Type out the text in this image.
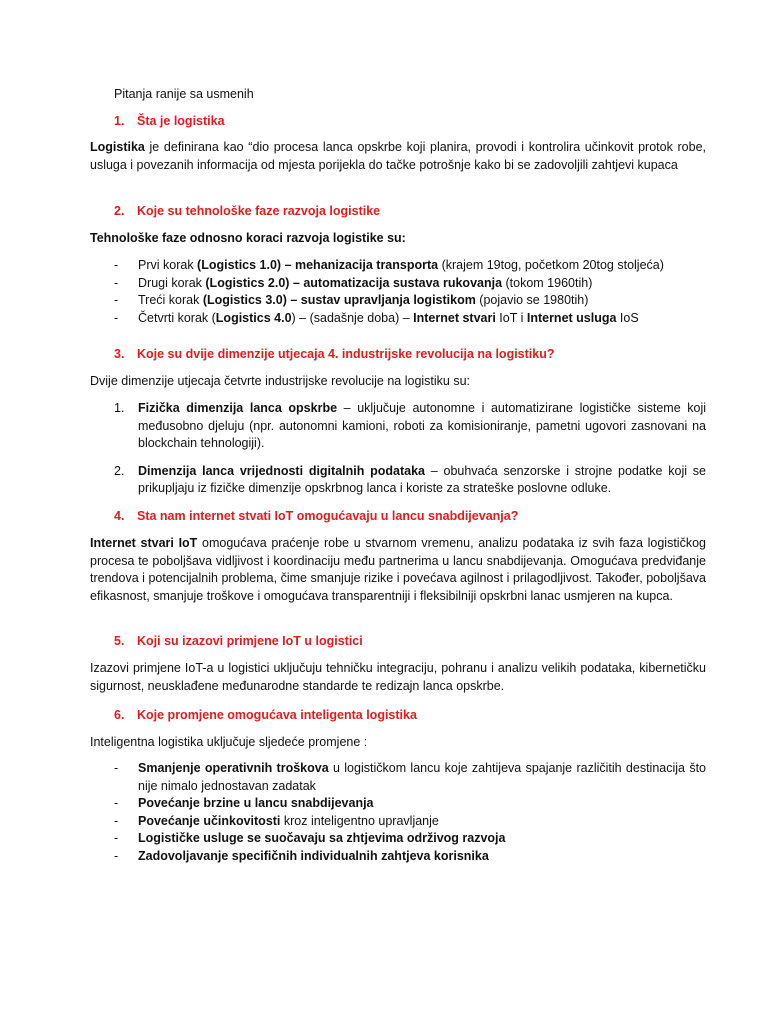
Pitanja ranije sa usmenih

1. Šta je logistika

Logistika je definirana kao “dio procesa lanca opskrbe koji planira, provodi i kontrolira učinkovit protok robe, usluga i povezanih informacija od mjesta porijekla do tačke potrošnje kako bi se zadovoljili zahtjevi kupaca

2. Koje su tehnološke faze razvoja logistike

Tehnološke faze odnosno koraci razvoja logistike su:

- Prvi korak (Logistics 1.0) – mehanizacija transporta (krajem 19tog, početkom 20tog stoljeća)
- Drugi korak (Logistics 2.0) – automatizacija sustava rukovanja (tokom 1960tih)
- Treći korak (Logistics 3.0) – sustav upravljanja logistikom (pojavio se 1980tih)
- Četvrti korak (Logistics 4.0) – (sadašnje doba) – Internet stvari IoT i Internet usluga IoS

3. Koje su dvije dimenzije utjecaja 4. industrijske revolucija na logistiku?

Dvije dimenzije utjecaja četvrte industrijske revolucije na logistiku su:

1. Fizička dimenzija lanca opskrbe – uključuje autonomne i automatizirane logističke sisteme koji međusobno djeluju (npr. autonomni kamioni, roboti za komisioniranje, pametni ugovori zasnovani na blockchain tehnologiji).
2. Dimenzija lanca vrijednosti digitalnih podataka – obuhvaća senzorske i strojne podatke koji se prikupljaju iz fizičke dimenzije opskrbnog lanca i koriste za strateške poslovne odluke.

4. Sta nam internet stvati IoT omogućavaju u lancu snabdijevanja?

Internet stvari IoT omogućava praćenje robe u stvarnom vremenu, analizu podataka iz svih faza logističkog procesa te poboljšava vidljivost i koordinaciju među partnerima u lancu snabdijevanja. Omogućava predviđanje trendova i potencijalnih problema, čime smanjuje rizike i povećava agilnost i prilagodljivost. Također, poboljšava efikasnost, smanjuje troškove i omogućava transparentniji i fleksibilniji opskrbni lanac usmjeren na kupca.

5. Koji su izazovi primjene IoT u logistici

Izazovi primjene IoT-a u logistici uključuju tehničku integraciju, pohranu i analizu velikih podataka, kibernetičku sigurnost, neusklađene međunarodne standarde te redizajn lanca opskrbe.

6. Koje promjene omogućava inteligenta logistika

Inteligentna logistika uključuje sljedeće promjene :

- Smanjenje operativnih troškova u logističkom lancu koje zahtijeva spajanje različitih destinacija što nije nimalo jednostavan zadatak
- Povećanje brzine u lancu snabdijevanja
- Povećanje učinkovitosti kroz inteligentno upravljanje
- Logističke usluge se suočavaju sa zhtjevima održivog razvoja
- Zadovoljavanje specifičnih individualnih zahtjeva korisnika
